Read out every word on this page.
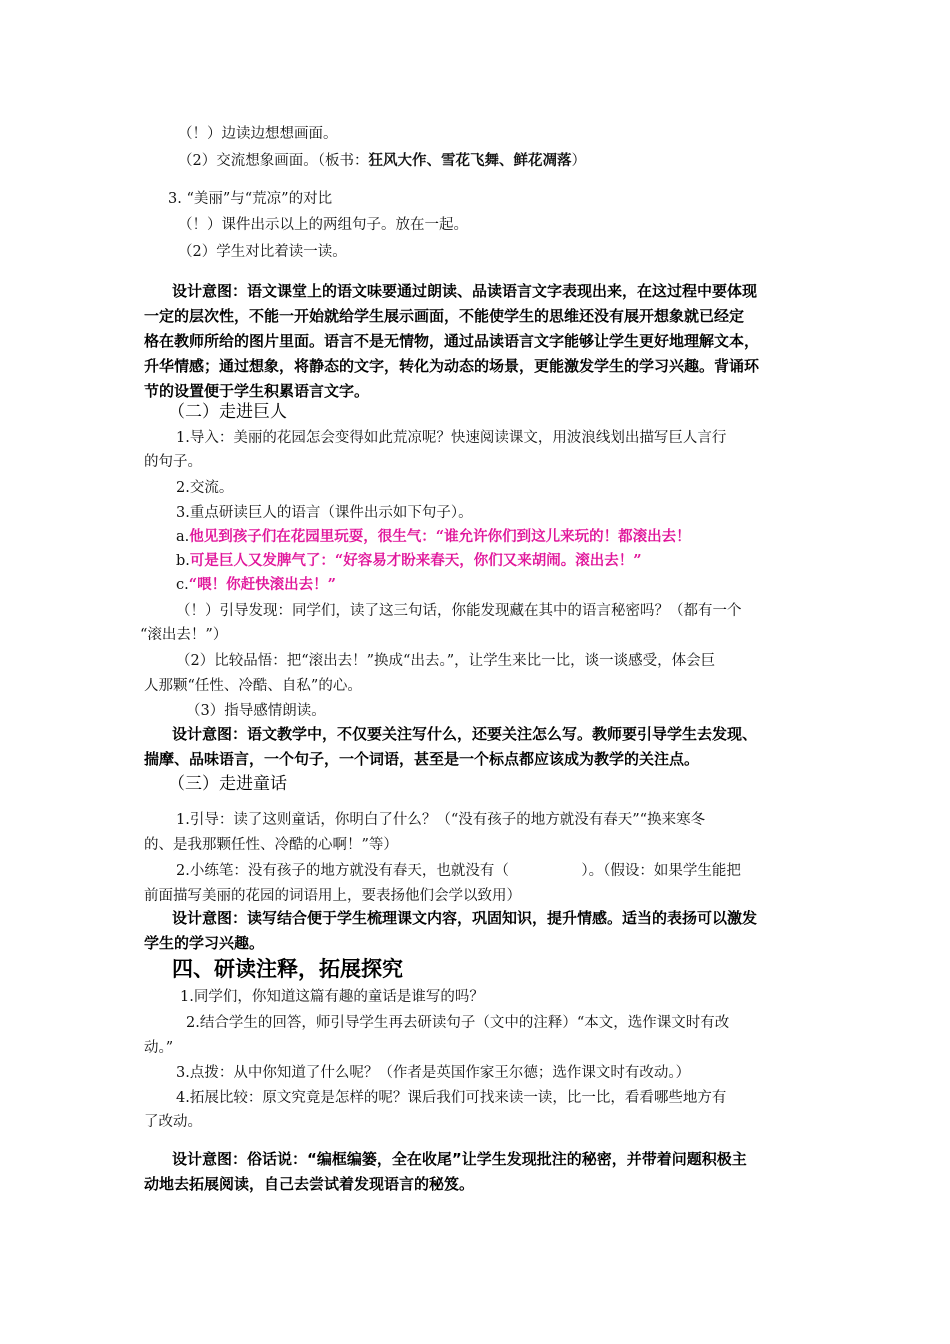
（！）边读边想想画面。
（2）交流想象画面。（板书：狂风大作、雪花飞舞、鲜花凋落）
3. “美丽”与“荒凉”的对比
（！）课件出示以上的两组句子。放在一起。
（2）学生对比着读一读。
设计意图：语文课堂上的语文味要通过朗读、品读语言文字表现出来，在这过程中要体现
一定的层次性，不能一开始就给学生展示画面，不能使学生的思维还没有展开想象就已经定
格在教师所给的图片里面。语言不是无情物，通过品读语言文字能够让学生更好地理解文本，
升华情感；通过想象，将静态的文字，转化为动态的场景，更能激发学生的学习兴趣。背诵环
节的设置便于学生积累语言文字。
（二）走进巨人
1.导入：美丽的花园怎会变得如此荒凉呢？快速阅读课文，用波浪线划出描写巨人言行
的句子。
2.交流。
3.重点研读巨人的语言（课件出示如下句子）。
a.他见到孩子们在花园里玩耍，很生气：“谁允许你们到这儿来玩的！都滚出去！
b.可是巨人又发脾气了：“好容易才盼来春天，你们又来胡闹。滚出去！”
c.“喂！你赶快滚出去！”
（！）引导发现：同学们，读了这三句话，你能发现藏在其中的语言秘密吗？（都有一个
“滚出去！”）
（2）比较品悟：把“滚出去！”换成“出去。”，让学生来比一比，谈一谈感受，体会巨
人那颗“任性、冷酷、自私”的心。
（3）指导感情朗读。
设计意图：语文教学中，不仅要关注写什么，还要关注怎么写。教师要引导学生去发现、
揣摩、品味语言，一个句子，一个词语，甚至是一个标点都应该成为教学的关注点。
（三）走进童话
1.引导：读了这则童话，你明白了什么？（“没有孩子的地方就没有春天”“换来寒冬
的、是我那颗任性、冷酷的心啊！”等）
2.小练笔：没有孩子的地方就没有春天，也就没有（　　　　　）。（假设：如果学生能把
前面描写美丽的花园的词语用上，要表扬他们会学以致用）
设计意图：读写结合便于学生梳理课文内容，巩固知识，提升情感。适当的表扬可以激发
学生的学习兴趣。
四、研读注释，拓展探究
1.同学们，你知道这篇有趣的童话是谁写的吗？
2.结合学生的回答，师引导学生再去研读句子（文中的注释）“本文，选作课文时有改
动。”
3.点拨：从中你知道了什么呢？（作者是英国作家王尔德；选作课文时有改动。）
4.拓展比较：原文究竟是怎样的呢？课后我们可找来读一读，比一比，看看哪些地方有
了改动。
设计意图：俗话说：“编框编篓，全在收尾”让学生发现批注的秘密，并带着问题积极主
动地去拓展阅读，自己去尝试着发现语言的秘笈。
